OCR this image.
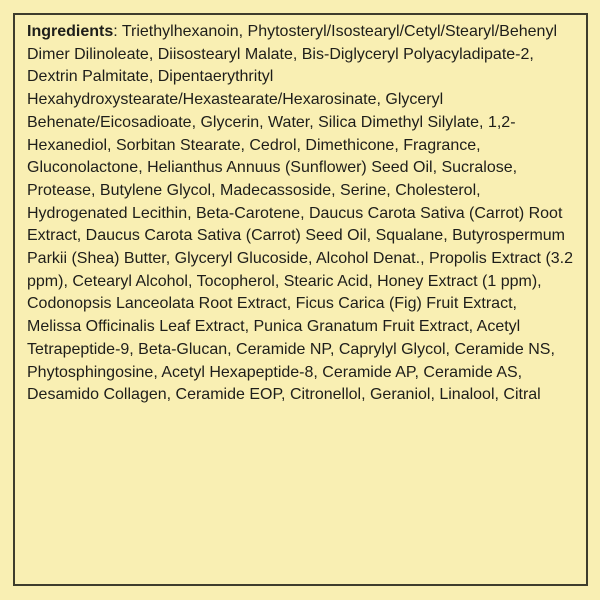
Ingredients: Triethylhexanoin, Phytosteryl/Isostearyl/Cetyl/Stearyl/Behenyl Dimer Dilinoleate, Diisostearyl Malate, Bis-Diglyceryl Polyacyladipate-2, Dextrin Palmitate, Dipentaerythrityl Hexahydroxystearate/Hexastearate/Hexarosinate, Glyceryl Behenate/Eicosadioate, Glycerin, Water, Silica Dimethyl Silylate, 1,2-Hexanediol, Sorbitan Stearate, Cedrol, Dimethicone, Fragrance, Gluconolactone, Helianthus Annuus (Sunflower) Seed Oil, Sucralose, Protease, Butylene Glycol, Madecassoside, Serine, Cholesterol, Hydrogenated Lecithin, Beta-Carotene, Daucus Carota Sativa (Carrot) Root Extract, Daucus Carota Sativa (Carrot) Seed Oil, Squalane, Butyrospermum Parkii (Shea) Butter, Glyceryl Glucoside, Alcohol Denat., Propolis Extract (3.2 ppm), Cetearyl Alcohol, Tocopherol, Stearic Acid, Honey Extract (1 ppm), Codonopsis Lanceolata Root Extract, Ficus Carica (Fig) Fruit Extract, Melissa Officinalis Leaf Extract, Punica Granatum Fruit Extract, Acetyl Tetrapeptide-9, Beta-Glucan, Ceramide NP, Caprylyl Glycol, Ceramide NS, Phytosphingosine, Acetyl Hexapeptide-8, Ceramide AP, Ceramide AS, Desamido Collagen, Ceramide EOP, Citronellol, Geraniol, Linalool, Citral
